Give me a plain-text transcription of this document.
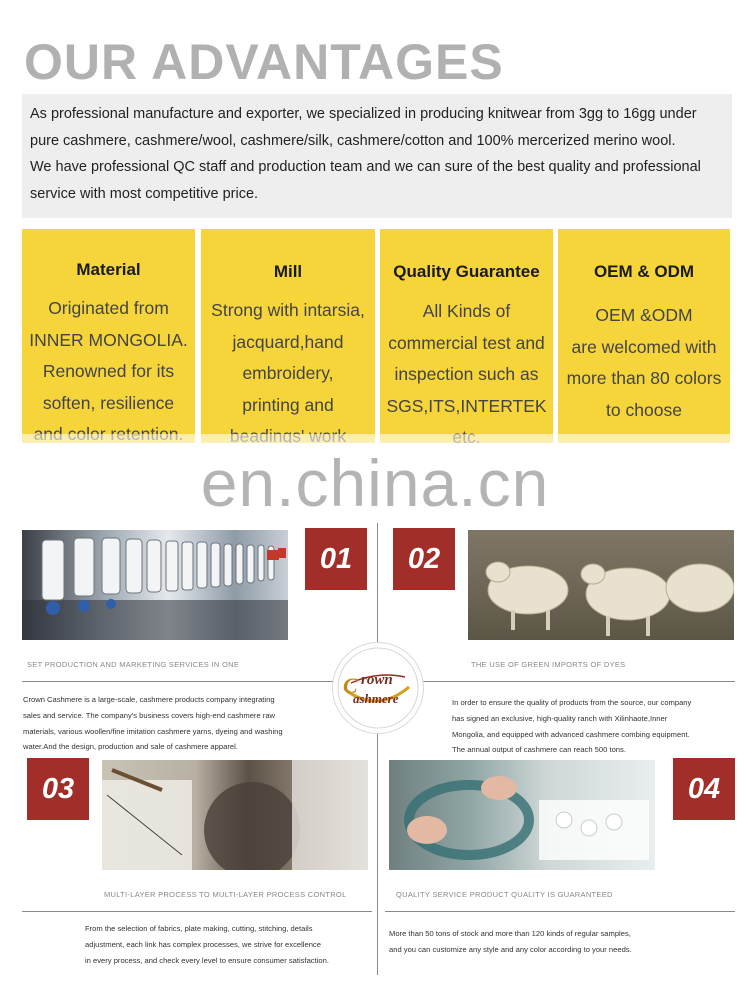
OUR ADVANTAGES
As professional manufacture and exporter, we specialized in producing knitwear from 3gg to 16gg under
pure cashmere, cashmere/wool, cashmere/silk, cashmere/cotton and 100% mercerized merino wool.
We have professional QC staff and production team and we can sure of the best quality and professional
service with most competitive price.
Material
Originated from
INNER MONGOLIA.
Renowned for its
soften, resilience
Mill
Strong with intarsia,
jacquard,hand
embroidery,
printing and
Quality Guarantee
All Kinds of
commercial test and
inspection such as
SGS,ITS,INTERTEK
OEM & ODM
OEM &ODM
are welcomed with
more than 80 colors
to choose
en.china.cn
01
SET PRODUCTION AND MARKETING SERVICES IN ONE
Crown Cashmere is a large-scale, cashmere products company integrating
sales and service. The company's business covers high-end cashmere raw
materials, various woollen/fine imitation cashmere yarns, dyeing and washing
water.And the design, production and sale of cashmere apparel.
02
THE USE OF GREEN IMPORTS OF DYES
In order to ensure the quality of products from the source, our company
has signed an exclusive, high-quality ranch with Xilinhaote,Inner
Mongolia, and equipped with advanced cashmere combing equipment.
The annual output of cashmere can reach 500 tons.
C rown
ashmere
03
MULTI-LAYER PROCESS TO MULTI-LAYER PROCESS CONTROL
From the selection of fabrics, plate making, cutting, stitching, details
adjustment, each link has complex processes, we strive for excellence
in every process, and check every level to ensure consumer satisfaction.
04
QUALITY SERVICE PRODUCT QUALITY IS GUARANTEED
More than 50 tons of stock and more than 120 kinds of regular samples,
and you can customize any style and any color according to your needs.
